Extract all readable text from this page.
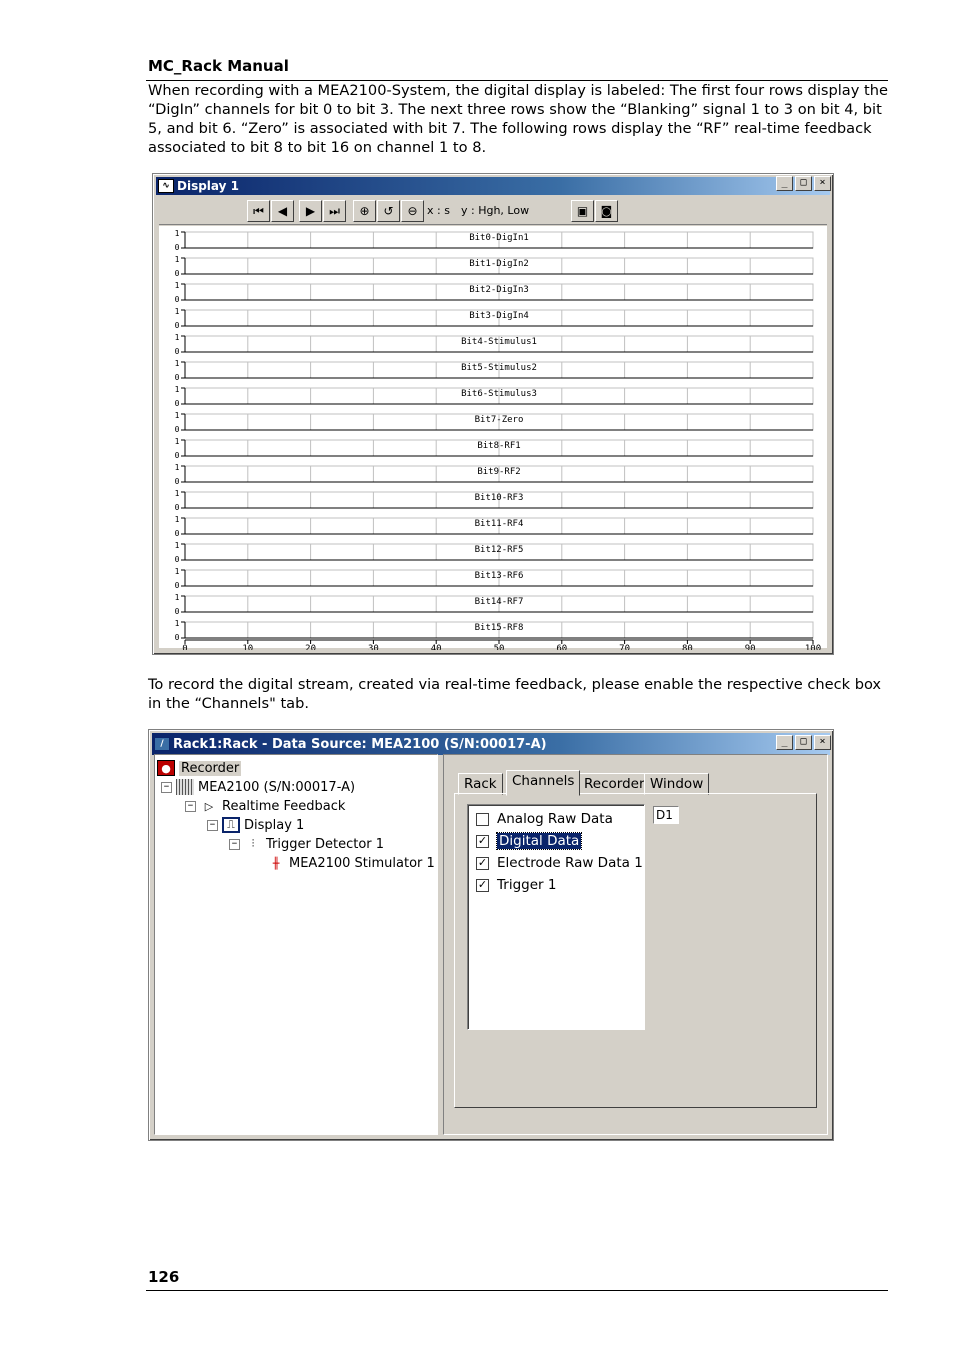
MC_Rack Manual
When recording with a MEA2100-System, the digital display is labeled: The first four rows display the “DigIn” channels for bit 0 to bit 3. The next three rows show the “Blanking” signal 1 to 3 on bit 4, bit 5, and bit 6. “Zero” is associated with bit 7. The following rows display the “RF” real-time feedback associated to bit 8 to bit 16 on channel 1 to 8.
∿ Display 1	_	□	×
⏮	◀	▶	⏭	⊕	↺	⊖ x : s y : Hgh, Low	▣	◙
1
0
Bit0-DigIn1
1
0
Bit1-DigIn2
1
0
Bit2-DigIn3
1
0
Bit3-DigIn4
1
0
Bit4-Stimulus1
1
0
Bit5-Stimulus2
1
0
Bit6-Stimulus3
1
0
Bit7-Zero
1
0
Bit8-RF1
1
0
Bit9-RF2
1
0
Bit10-RF3
1
0
Bit11-RF4
1
0
Bit12-RF5
1
0
Bit13-RF6
1
0
Bit14-RF7
1
0
Bit15-RF8
0	10	20	30	40	50	60	70	80	90	100
To record the digital stream, created via real-time feedback, please enable the respective check box in the “Channels" tab.
/ Rack1:Rack - Data Source: MEA2100 (S/N:00017-A)	_	□	×
● Recorder
− MEA2100 (S/N:00017-A)
−	▷ Realtime Feedback
−	⎍ Display 1
−	⫶ Trigger Detector 1
╫ MEA2100 Stimulator 1
Rack	Channels Recorder Window
Analog Raw Data
✓ Digital Data
✓ Electrode Raw Data 1
✓ Trigger 1
D1
126
